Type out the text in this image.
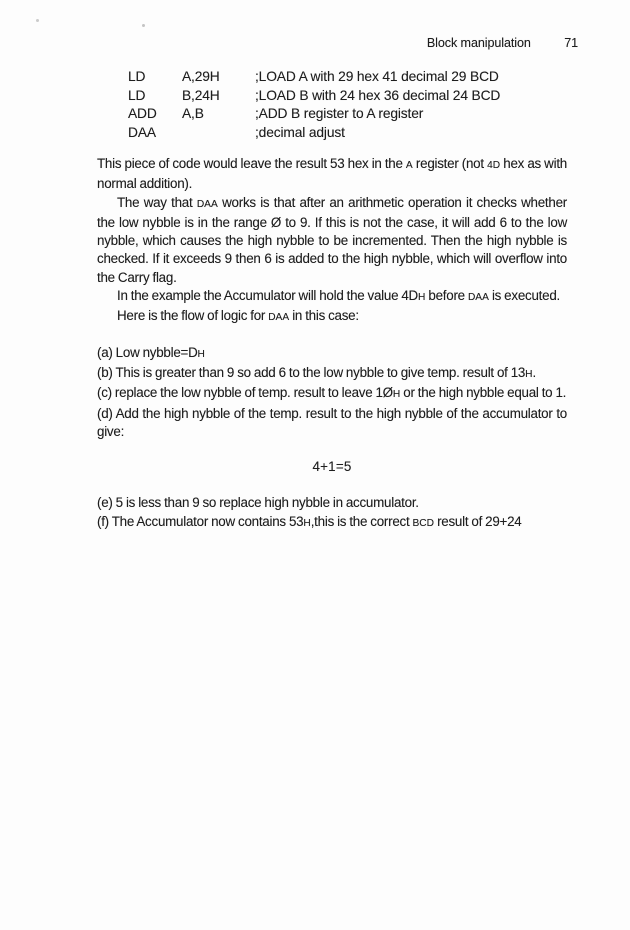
Block manipulation	71
LD	A,29H	;LOAD A with 29 hex 41 decimal 29 BCD
LD	B,24H	;LOAD B with 24 hex 36 decimal 24 BCD
ADD A,B	;ADD B register to A register
DAA	;decimal adjust

This piece of code would leave the result 53 hex in the A register (not 4D hex as with normal addition).

The way that DAA works is that after an arithmetic operation it checks whether the low nybble is in the range Ø to 9. If this is not the case, it will add 6 to the low nybble, which causes the high nybble to be incremented. Then the high nybble is checked. If it exceeds 9 then 6 is added to the high nybble, which will overflow into the Carry flag.

In the example the Accumulator will hold the value 4DH before DAA is executed.

Here is the flow of logic for DAA in this case:

(a) Low nybble=DH

(b) This is greater than 9 so add 6 to the low nybble to give temp. result of 13H.

(c) replace the low nybble of temp. result to leave 1ØH or the high nybble equal to 1.

(d) Add the high nybble of the temp. result to the high nybble of the accumulator to give:

4+1=5

(e) 5 is less than 9 so replace high nybble in accumulator.

(f) The Accumulator now contains 53H,this is the correct BCD result of 29+24
